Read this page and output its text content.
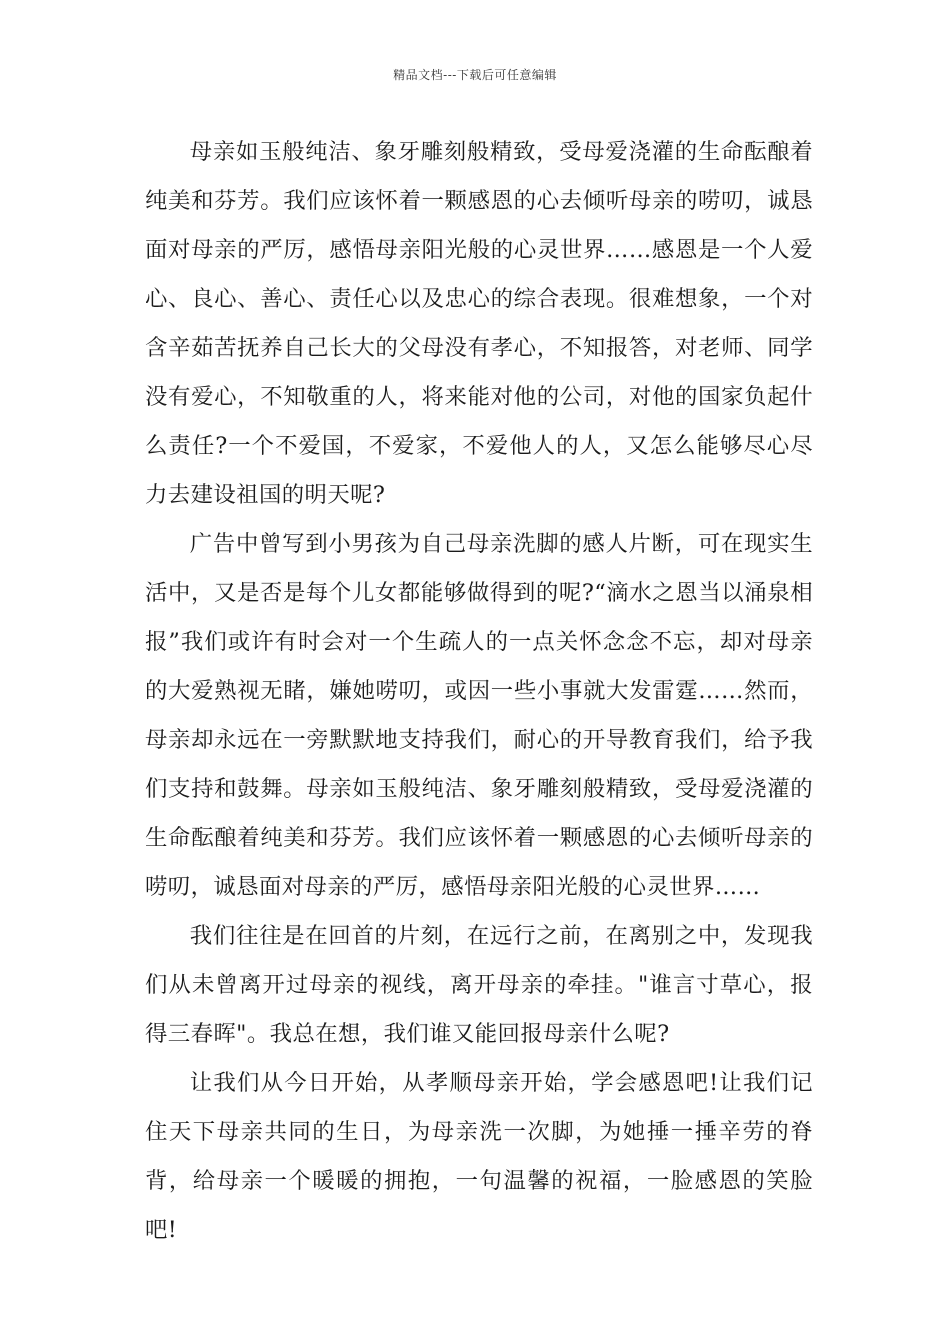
精品文档---下载后可任意编辑

母亲如玉般纯洁、象牙雕刻般精致，受母爱浇灌的生命酝酿着纯美和芬芳。我们应该怀着一颗感恩的心去倾听母亲的唠叨，诚恳面对母亲的严厉，感悟母亲阳光般的心灵世界……感恩是一个人爱心、良心、善心、责任心以及忠心的综合表现。很难想象，一个对含辛茹苦抚养自己长大的父母没有孝心，不知报答，对老师、同学没有爱心，不知敬重的人，将来能对他的公司，对他的国家负起什么责任?一个不爱国，不爱家，不爱他人的人，又怎么能够尽心尽力去建设祖国的明天呢?

广告中曾写到小男孩为自己母亲洗脚的感人片断，可在现实生活中，又是否是每个儿女都能够做得到的呢?“滴水之恩当以涌泉相报”我们或许有时会对一个生疏人的一点关怀念念不忘，却对母亲的大爱熟视无睹，嫌她唠叨，或因一些小事就大发雷霆……然而，母亲却永远在一旁默默地支持我们，耐心的开导教育我们，给予我们支持和鼓舞。母亲如玉般纯洁、象牙雕刻般精致，受母爱浇灌的生命酝酿着纯美和芬芳。我们应该怀着一颗感恩的心去倾听母亲的唠叨，诚恳面对母亲的严厉，感悟母亲阳光般的心灵世界……

我们往往是在回首的片刻，在远行之前，在离别之中，发现我们从未曾离开过母亲的视线，离开母亲的牵挂。"谁言寸草心，报得三春晖"。我总在想，我们谁又能回报母亲什么呢?

让我们从今日开始，从孝顺母亲开始，学会感恩吧!让我们记住天下母亲共同的生日，为母亲洗一次脚，为她捶一捶辛劳的脊背，给母亲一个暖暖的拥抱，一句温馨的祝福，一脸感恩的笑脸吧!
